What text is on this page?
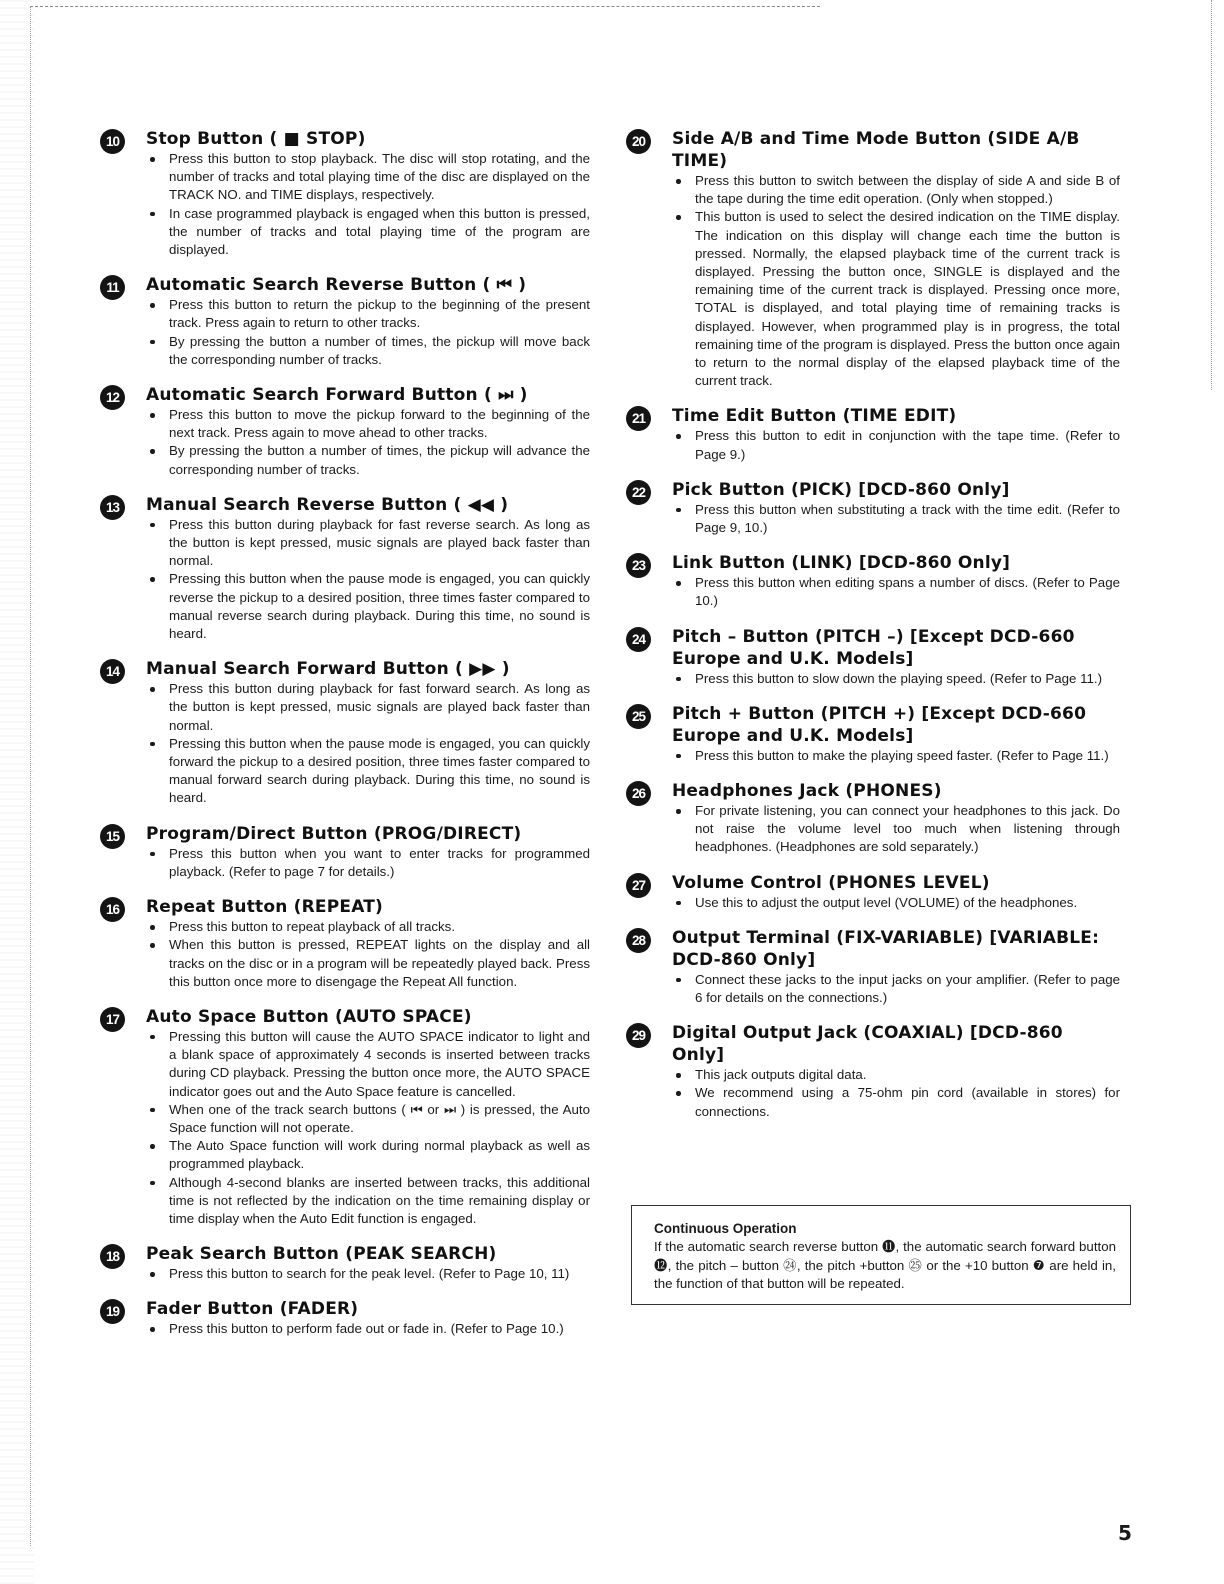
10	Stop Button ( ■ STOP)
Press this button to stop playback. The disc will stop rotating, and the number of tracks and total playing time of the disc are displayed on the TRACK NO. and TIME displays, respectively.
In case programmed playback is engaged when this button is pressed, the number of tracks and total playing time of the program are displayed.
11	Automatic Search Reverse Button ( ⏮ )
Press this button to return the pickup to the beginning of the present track. Press again to return to other tracks.
By pressing the button a number of times, the pickup will move back the corresponding number of tracks.
12	Automatic Search Forward Button ( ⏭ )
Press this button to move the pickup forward to the beginning of the next track. Press again to move ahead to other tracks.
By pressing the button a number of times, the pickup will advance the corresponding number of tracks.
13	Manual Search Reverse Button ( ◀◀ )
Press this button during playback for fast reverse search. As long as the button is kept pressed, music signals are played back faster than normal.
Pressing this button when the pause mode is engaged, you can quickly reverse the pickup to a desired position, three times faster compared to manual reverse search during playback. During this time, no sound is heard.
14	Manual Search Forward Button ( ▶▶ )
Press this button during playback for fast forward search. As long as the button is kept pressed, music signals are played back faster than normal.
Pressing this button when the pause mode is engaged, you can quickly forward the pickup to a desired position, three times faster compared to manual forward search during playback. During this time, no sound is heard.
15	Program/Direct Button (PROG/DIRECT)
Press this button when you want to enter tracks for programmed playback. (Refer to page 7 for details.)
16	Repeat Button (REPEAT)
Press this button to repeat playback of all tracks.
When this button is pressed, REPEAT lights on the display and all tracks on the disc or in a program will be repeatedly played back. Press this button once more to disengage the Repeat All function.
17	Auto Space Button (AUTO SPACE)
Pressing this button will cause the AUTO SPACE indicator to light and a blank space of approximately 4 seconds is inserted between tracks during CD playback. Pressing the button once more, the AUTO SPACE indicator goes out and the Auto Space feature is cancelled.
When one of the track search buttons ( ⏮ or ⏭ ) is pressed, the Auto Space function will not operate.
The Auto Space function will work during normal playback as well as programmed playback.
Although 4-second blanks are inserted between tracks, this additional time is not reflected by the indication on the time remaining display or time display when the Auto Edit function is engaged.
18	Peak Search Button (PEAK SEARCH)
Press this button to search for the peak level. (Refer to Page 10, 11)
19	Fader Button (FADER)
Press this button to perform fade out or fade in. (Refer to Page 10.)
20	Side A/B and Time Mode Button (SIDE A/B TIME)
Press this button to switch between the display of side A and side B of the tape during the time edit operation. (Only when stopped.)
This button is used to select the desired indication on the TIME display. The indication on this display will change each time the button is pressed. Normally, the elapsed playback time of the current track is displayed. Pressing the button once, SINGLE is displayed and the remaining time of the current track is displayed. Pressing once more, TOTAL is displayed, and total playing time of remaining tracks is displayed. However, when programmed play is in progress, the total remaining time of the program is displayed. Press the button once again to return to the normal display of the elapsed playback time of the current track.
21	Time Edit Button (TIME EDIT)
Press this button to edit in conjunction with the tape time. (Refer to Page 9.)
22	Pick Button (PICK) [DCD-860 Only]
Press this button when substituting a track with the time edit. (Refer to Page 9, 10.)
23	Link Button (LINK) [DCD-860 Only]
Press this button when editing spans a number of discs. (Refer to Page 10.)
24	Pitch – Button (PITCH –) [Except DCD-660 Europe and U.K. Models]
Press this button to slow down the playing speed. (Refer to Page 11.)
25	Pitch + Button (PITCH +) [Except DCD-660 Europe and U.K. Models]
Press this button to make the playing speed faster. (Refer to Page 11.)
26	Headphones Jack (PHONES)
For private listening, you can connect your headphones to this jack. Do not raise the volume level too much when listening through headphones. (Headphones are sold separately.)
27	Volume Control (PHONES LEVEL)
Use this to adjust the output level (VOLUME) of the headphones.
28	Output Terminal (FIX-VARIABLE) [VARIABLE: DCD-860 Only]
Connect these jacks to the input jacks on your amplifier. (Refer to page 6 for details on the connections.)
29	Digital Output Jack (COAXIAL) [DCD-860 Only]
This jack outputs digital data.
We recommend using a 75-ohm pin cord (available in stores) for connections.
Continuous Operation
If the automatic search reverse button ⓫, the automatic search forward button ⓬, the pitch – button ㉔, the pitch +button ㉕ or the +10 button ❼ are held in, the function of that button will be repeated.
5
